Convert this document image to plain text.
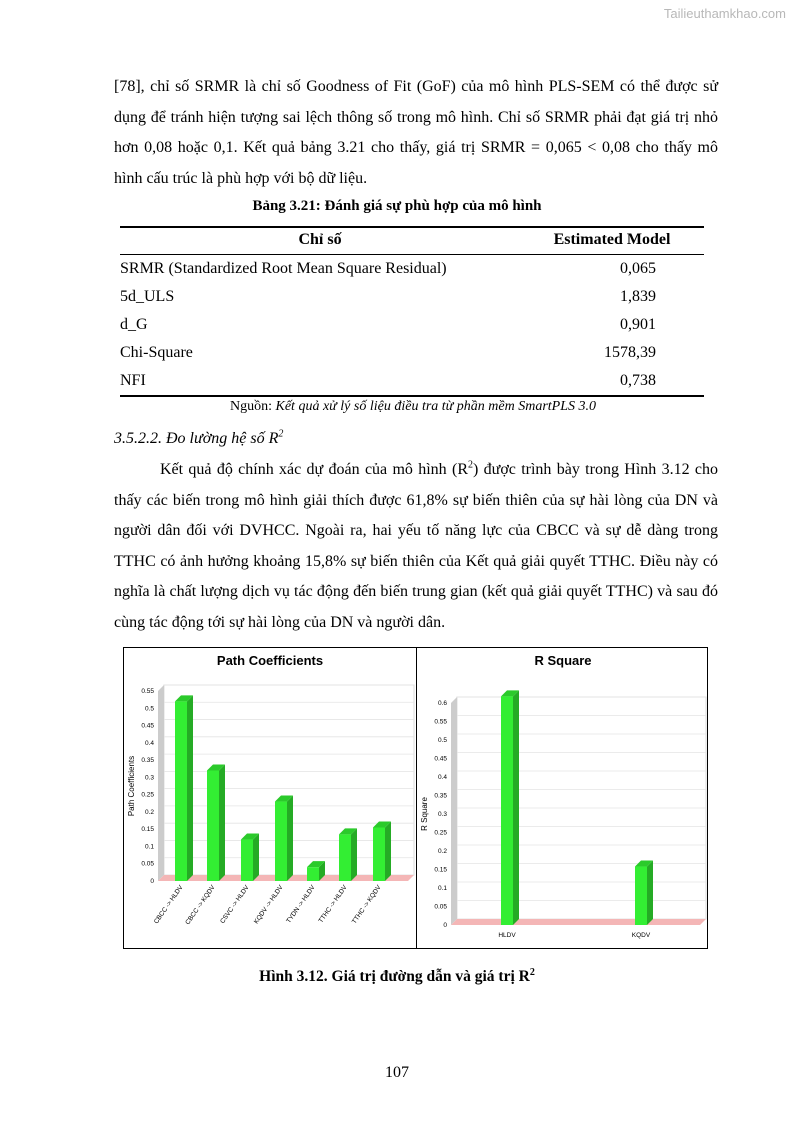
Tailieuthamkhao.com

[78], chỉ số SRMR là chỉ số Goodness of Fit (GoF) của mô hình PLS-SEM có thể được sử dụng để tránh hiện tượng sai lệch thông số trong mô hình. Chỉ số SRMR phải đạt giá trị nhỏ hơn 0,08 hoặc 0,1. Kết quả bảng 3.21 cho thấy, giá trị SRMR = 0,065 < 0,08 cho thấy mô hình cấu trúc là phù hợp với bộ dữ liệu.

Bảng 3.21: Đánh giá sự phù hợp của mô hình
Chỉ số	Estimated Model
SRMR (Standardized Root Mean Square Residual)	0,065
5d_ULS	1,839
d_G	0,901
Chi-Square	1578,39
NFI	0,738
Nguồn: Kết quả xử lý số liệu điều tra từ phần mềm SmartPLS 3.0
3.5.2.2. Đo lường hệ số $R^2$

Kết quả độ chính xác dự đoán của mô hình $(R^2)$ được trình bày trong Hình 3.12 cho thấy các biến trong mô hình giải thích được 61,8% sự biến thiên của sự hài lòng của DN và người dân đối với DVHCC. Ngoài ra, hai yếu tố năng lực của CBCC và sự dễ dàng trong TTHC có ảnh hưởng khoảng 15,8% sự biến thiên của Kết quả giải quyết TTHC. Điều này có nghĩa là chất lượng dịch vụ tác động đến biến trung gian (kết quả giải quyết TTHC) và sau đó cùng tác động tới sự hài lòng của DN và người dân.

Path Coefficients
0
0.05
0.1
0.15
0.2
0.25
0.3
0.35
0.4
0.45
0.5
0.55
Path Coefficients
CBCC -> HLDV CBCC -> KQDV CSVC -> HLDV KQDV -> HLDV TYDN -> HLDV TTHC -> HLDV TTHC -> KQDV
R Square
0
0.05
0.1
0.15
0.2
0.25
0.3
0.35
0.4
0.45
0.5
0.55
0.6
R Square
HLDV	KQDV
Hình 3.12. Giá trị đường dẫn và giá trị $R^2$
107
